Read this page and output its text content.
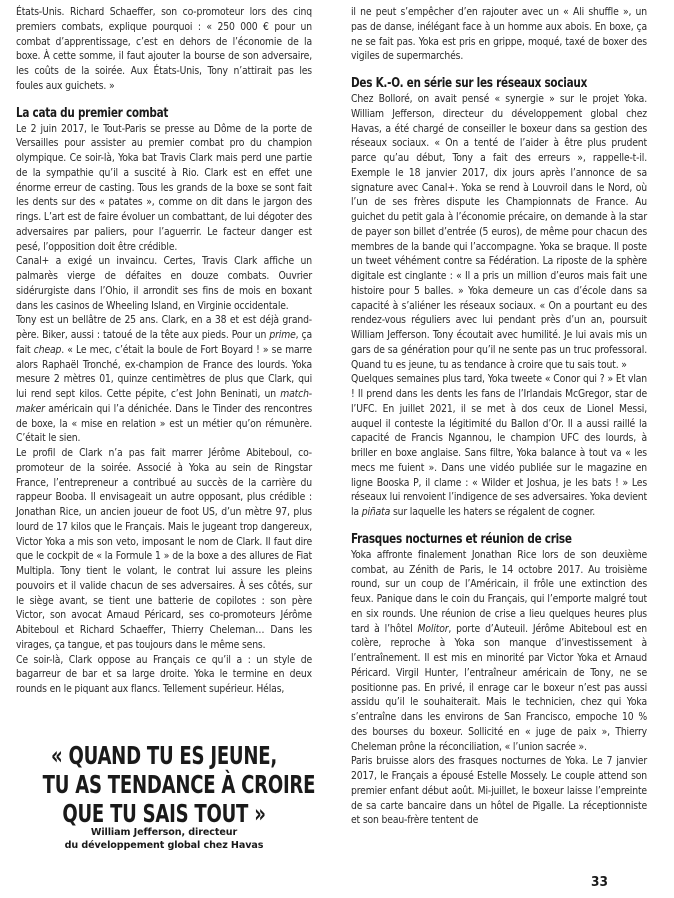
États-Unis. Richard Schaeffer, son co-promoteur lors des cinq premiers combats, explique pourquoi : « 250 000 € pour un combat d’apprentissage, c’est en dehors de l’économie de la boxe. À cette somme, il faut ajouter la bourse de son adversaire, les coûts de la soirée. Aux États-Unis, Tony n’attirait pas les foules aux guichets. »

La cata du premier combat

Le 2 juin 2017, le Tout-Paris se presse au Dôme de la porte de Versailles pour assister au premier combat pro du champion olympique. Ce soir-là, Yoka bat Travis Clark mais perd une partie de la sympathie qu’il a suscité à Rio. Clark est en effet une énorme erreur de casting. Tous les grands de la boxe se sont fait les dents sur des « patates », comme on dit dans le jargon des rings. L’art est de faire évoluer un combattant, de lui dégoter des adversaires par paliers, pour l’aguerrir. Le facteur danger est pesé, l’opposition doit être crédible.

Canal+ a exigé un invaincu. Certes, Travis Clark affiche un palmarès vierge de défaites en douze combats. Ouvrier sidérurgiste dans l’Ohio, il arrondit ses fins de mois en boxant dans les casinos de Wheeling Island, en Virginie occidentale.

Tony est un bellâtre de 25 ans. Clark, en a 38 et est déjà grand-père. Biker, aussi : tatoué de la tête aux pieds. Pour un prime, ça fait cheap. « Le mec, c’était la boule de Fort Boyard ! » se marre alors Raphaël Tronché, ex-champion de France des lourds. Yoka mesure 2 mètres 01, quinze centimètres de plus que Clark, qui lui rend sept kilos. Cette pépite, c’est John Beninati, un match-maker américain qui l’a dénichée. Dans le Tinder des rencontres de boxe, la « mise en relation » est un métier qu’on rémunère. C’était le sien.

Le profil de Clark n’a pas fait marrer Jérôme Abiteboul, co-promoteur de la soirée. Associé à Yoka au sein de Ringstar France, l’entrepreneur a contribué au succès de la carrière du rappeur Booba. Il envisageait un autre opposant, plus crédible : Jonathan Rice, un ancien joueur de foot US, d’un mètre 97, plus lourd de 17 kilos que le Français. Mais le jugeant trop dangereux, Victor Yoka a mis son veto, imposant le nom de Clark. Il faut dire que le cockpit de « la Formule 1 » de la boxe a des allures de Fiat Multipla. Tony tient le volant, le contrat lui assure les pleins pouvoirs et il valide chacun de ses adversaires. À ses côtés, sur le siège avant, se tient une batterie de copilotes : son père Victor, son avocat Arnaud Péricard, ses co-promoteurs Jérôme Abiteboul et Richard Schaeffer, Thierry Cheleman… Dans les virages, ça tangue, et pas toujours dans le même sens.

Ce soir-là, Clark oppose au Français ce qu’il a : un style de bagarreur de bar et sa large droite. Yoka le termine en deux rounds en le piquant aux flancs. Tellement supérieur. Hélas,

« QUAND TU ES JEUNE,
TU AS TENDANCE À CROIRE
QUE TU SAIS TOUT »
William Jefferson, directeur
du développement global chez Havas

il ne peut s’empêcher d’en rajouter avec un « Ali shuffle », un pas de danse, inélégant face à un homme aux abois. En boxe, ça ne se fait pas. Yoka est pris en grippe, moqué, taxé de boxer des vigiles de supermarchés.

Des K.-O. en série sur les réseaux sociaux

Chez Bolloré, on avait pensé « synergie » sur le projet Yoka. William Jefferson, directeur du développement global chez Havas, a été chargé de conseiller le boxeur dans sa gestion des réseaux sociaux. « On a tenté de l’aider à être plus prudent parce qu’au début, Tony a fait des erreurs », rappelle-t-il. Exemple le 18 janvier 2017, dix jours après l’annonce de sa signature avec Canal+. Yoka se rend à Louvroil dans le Nord, où l’un de ses frères dispute les Championnats de France. Au guichet du petit gala à l’économie précaire, on demande à la star de payer son billet d’entrée (5 euros), de même pour chacun des membres de la bande qui l’accompagne. Yoka se braque. Il poste un tweet véhément contre sa Fédération. La riposte de la sphère digitale est cinglante : « Il a pris un million d’euros mais fait une histoire pour 5 balles. » Yoka demeure un cas d’école dans sa capacité à s’aliéner les réseaux sociaux. « On a pourtant eu des rendez-vous réguliers avec lui pendant près d’un an, poursuit William Jefferson. Tony écoutait avec humilité. Je lui avais mis un gars de sa génération pour qu’il ne sente pas un truc professoral. Quand tu es jeune, tu as tendance à croire que tu sais tout. »

Quelques semaines plus tard, Yoka tweete « Conor qui ? » Et vlan ! Il prend dans les dents les fans de l’Irlandais McGregor, star de l’UFC. En juillet 2021, il se met à dos ceux de Lionel Messi, auquel il conteste la légitimité du Ballon d’Or. Il a aussi raillé la capacité de Francis Ngannou, le champion UFC des lourds, à briller en boxe anglaise. Sans filtre, Yoka balance à tout va « les mecs me fuient ». Dans une vidéo publiée sur le magazine en ligne Booska P, il clame : « Wilder et Joshua, je les bats ! » Les réseaux lui renvoient l’indigence de ses adversaires. Yoka devient la piñata sur laquelle les haters se régalent de cogner.

Frasques nocturnes et réunion de crise

Yoka affronte finalement Jonathan Rice lors de son deuxième combat, au Zénith de Paris, le 14 octobre 2017. Au troisième round, sur un coup de l’Américain, il frôle une extinction des feux. Panique dans le coin du Français, qui l’emporte malgré tout en six rounds. Une réunion de crise a lieu quelques heures plus tard à l’hôtel Molitor, porte d’Auteuil. Jérôme Abiteboul est en colère, reproche à Yoka son manque d’investissement à l’entraînement. Il est mis en minorité par Victor Yoka et Arnaud Péricard. Virgil Hunter, l’entraîneur américain de Tony, ne se positionne pas. En privé, il enrage car le boxeur n’est pas aussi assidu qu’il le souhaiterait. Mais le technicien, chez qui Yoka s’entraîne dans les environs de San Francisco, empoche 10 % des bourses du boxeur. Sollicité en « juge de paix », Thierry Cheleman prône la réconciliation, « l’union sacrée ».

Paris bruisse alors des frasques nocturnes de Yoka. Le 7 janvier 2017, le Français a épousé Estelle Mossely. Le couple attend son premier enfant début août. Mi-juillet, le boxeur laisse l’empreinte de sa carte bancaire dans un hôtel de Pigalle. La réceptionniste et son beau-frère tentent de

33
